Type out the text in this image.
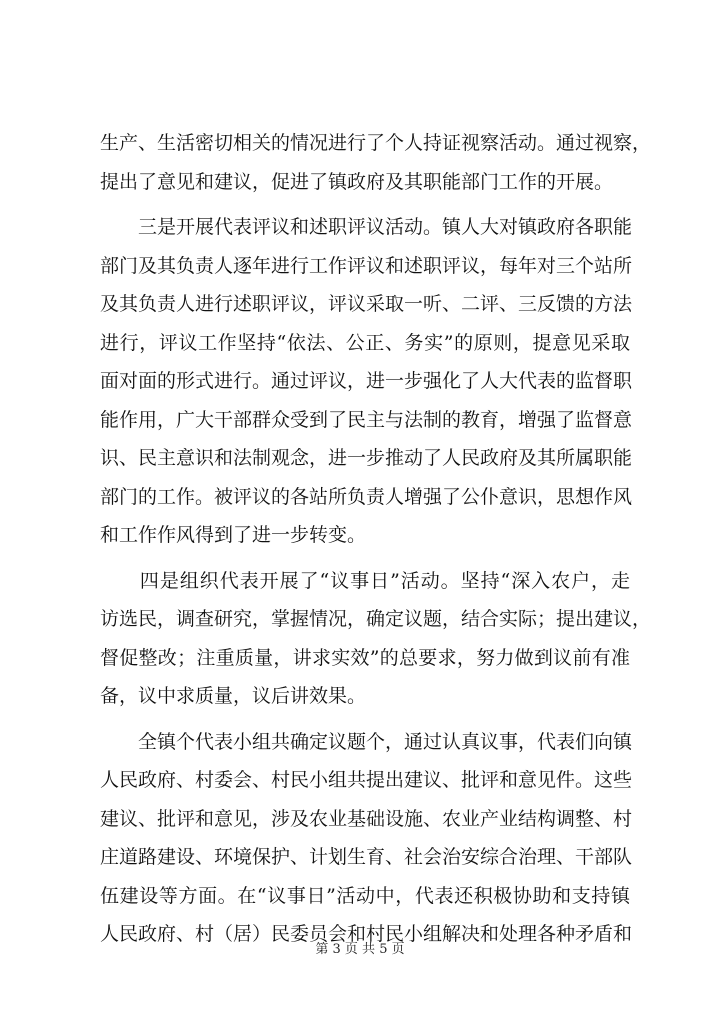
生产、生活密切相关的情况进行了个人持证视察活动。通过视察，
提出了意见和建议，促进了镇政府及其职能部门工作的开展。
　　三是开展代表评议和述职评议活动。镇人大对镇政府各职能
部门及其负责人逐年进行工作评议和述职评议，每年对三个站所
及其负责人进行述职评议，评议采取一听、二评、三反馈的方法
进行，评议工作坚持“依法、公正、务实”的原则，提意见采取
面对面的形式进行。通过评议，进一步强化了人大代表的监督职
能作用，广大干部群众受到了民主与法制的教育，增强了监督意
识、民主意识和法制观念，进一步推动了人民政府及其所属职能
部门的工作。被评议的各站所负责人增强了公仆意识，思想作风
和工作作风得到了进一步转变。
　　四是组织代表开展了“议事日”活动。坚持“深入农户，走
访选民，调查研究，掌握情况，确定议题，结合实际；提出建议，
督促整改；注重质量，讲求实效”的总要求，努力做到议前有准
备，议中求质量，议后讲效果。
　　全镇个代表小组共确定议题个，通过认真议事，代表们向镇
人民政府、村委会、村民小组共提出建议、批评和意见件。这些
建议、批评和意见，涉及农业基础设施、农业产业结构调整、村
庄道路建设、环境保护、计划生育、社会治安综合治理、干部队
伍建设等方面。在“议事日”活动中，代表还积极协助和支持镇
人民政府、村（居）民委员会和村民小组解决和处理各种矛盾和
第 3 页 共 5 页
